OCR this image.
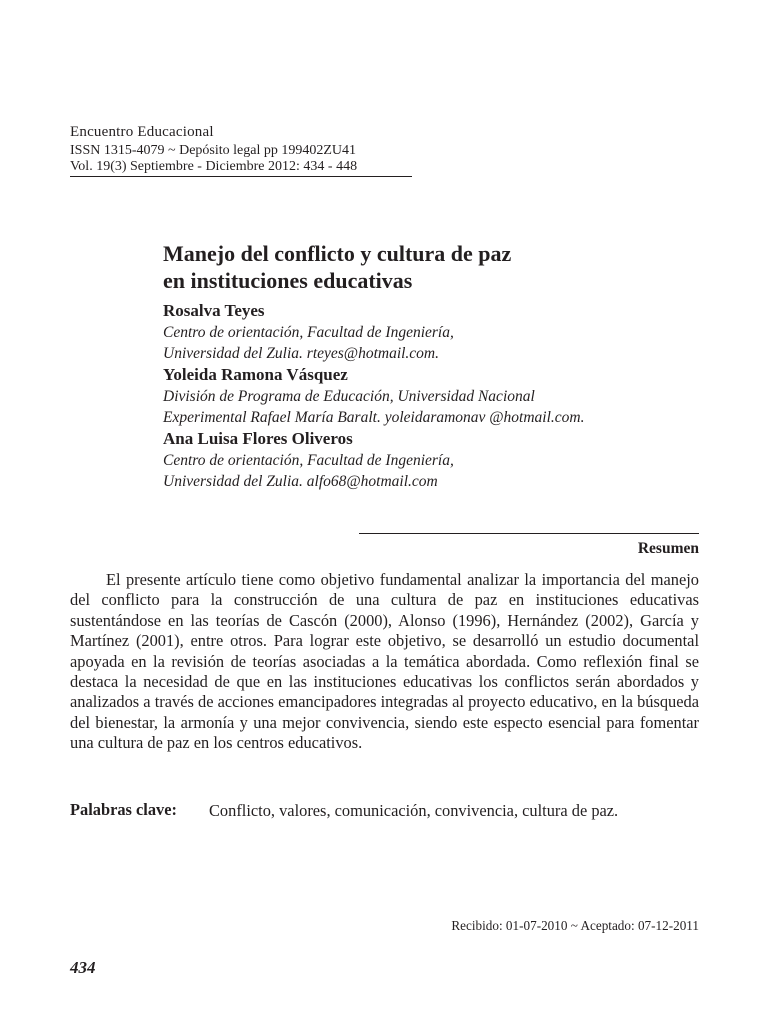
Encuentro Educacional
ISSN 1315-4079 ~ Depósito legal pp 199402ZU41
Vol. 19(3) Septiembre - Diciembre 2012: 434 - 448
Manejo del conflicto y cultura de paz
en instituciones educativas
Rosalva Teyes
Centro de orientación, Facultad de Ingeniería,
Universidad del Zulia. rteyes@hotmail.com.
Yoleida Ramona Vásquez
División de Programa de Educación, Universidad Nacional
Experimental Rafael María Baralt. yoleidaramonav @hotmail.com.
Ana Luisa Flores Oliveros
Centro de orientación, Facultad de Ingeniería,
Universidad del Zulia. alfo68@hotmail.com
Resumen

El presente artículo tiene como objetivo fundamental analizar la importancia del manejo del conflicto para la construcción de una cultura de paz en instituciones educativas sustentándose en las teorías de Cascón (2000), Alonso (1996), Hernández (2002), García y Martínez (2001), entre otros. Para lograr este objetivo, se desarrolló un estudio documental apoyada en la revisión de teorías asociadas a la temática abordada. Como reflexión final se destaca la necesidad de que en las instituciones educativas los conflictos serán abordados y analizados a través de acciones emancipadores integradas al proyecto educativo, en la búsqueda del bienestar, la armonía y una mejor convivencia, siendo este especto esencial para fomentar una cultura de paz en los centros educativos.

Palabras clave: Conflicto, valores, comunicación, convivencia, cultura de paz.
Recibido: 01-07-2010 ~ Aceptado: 07-12-2011
434
